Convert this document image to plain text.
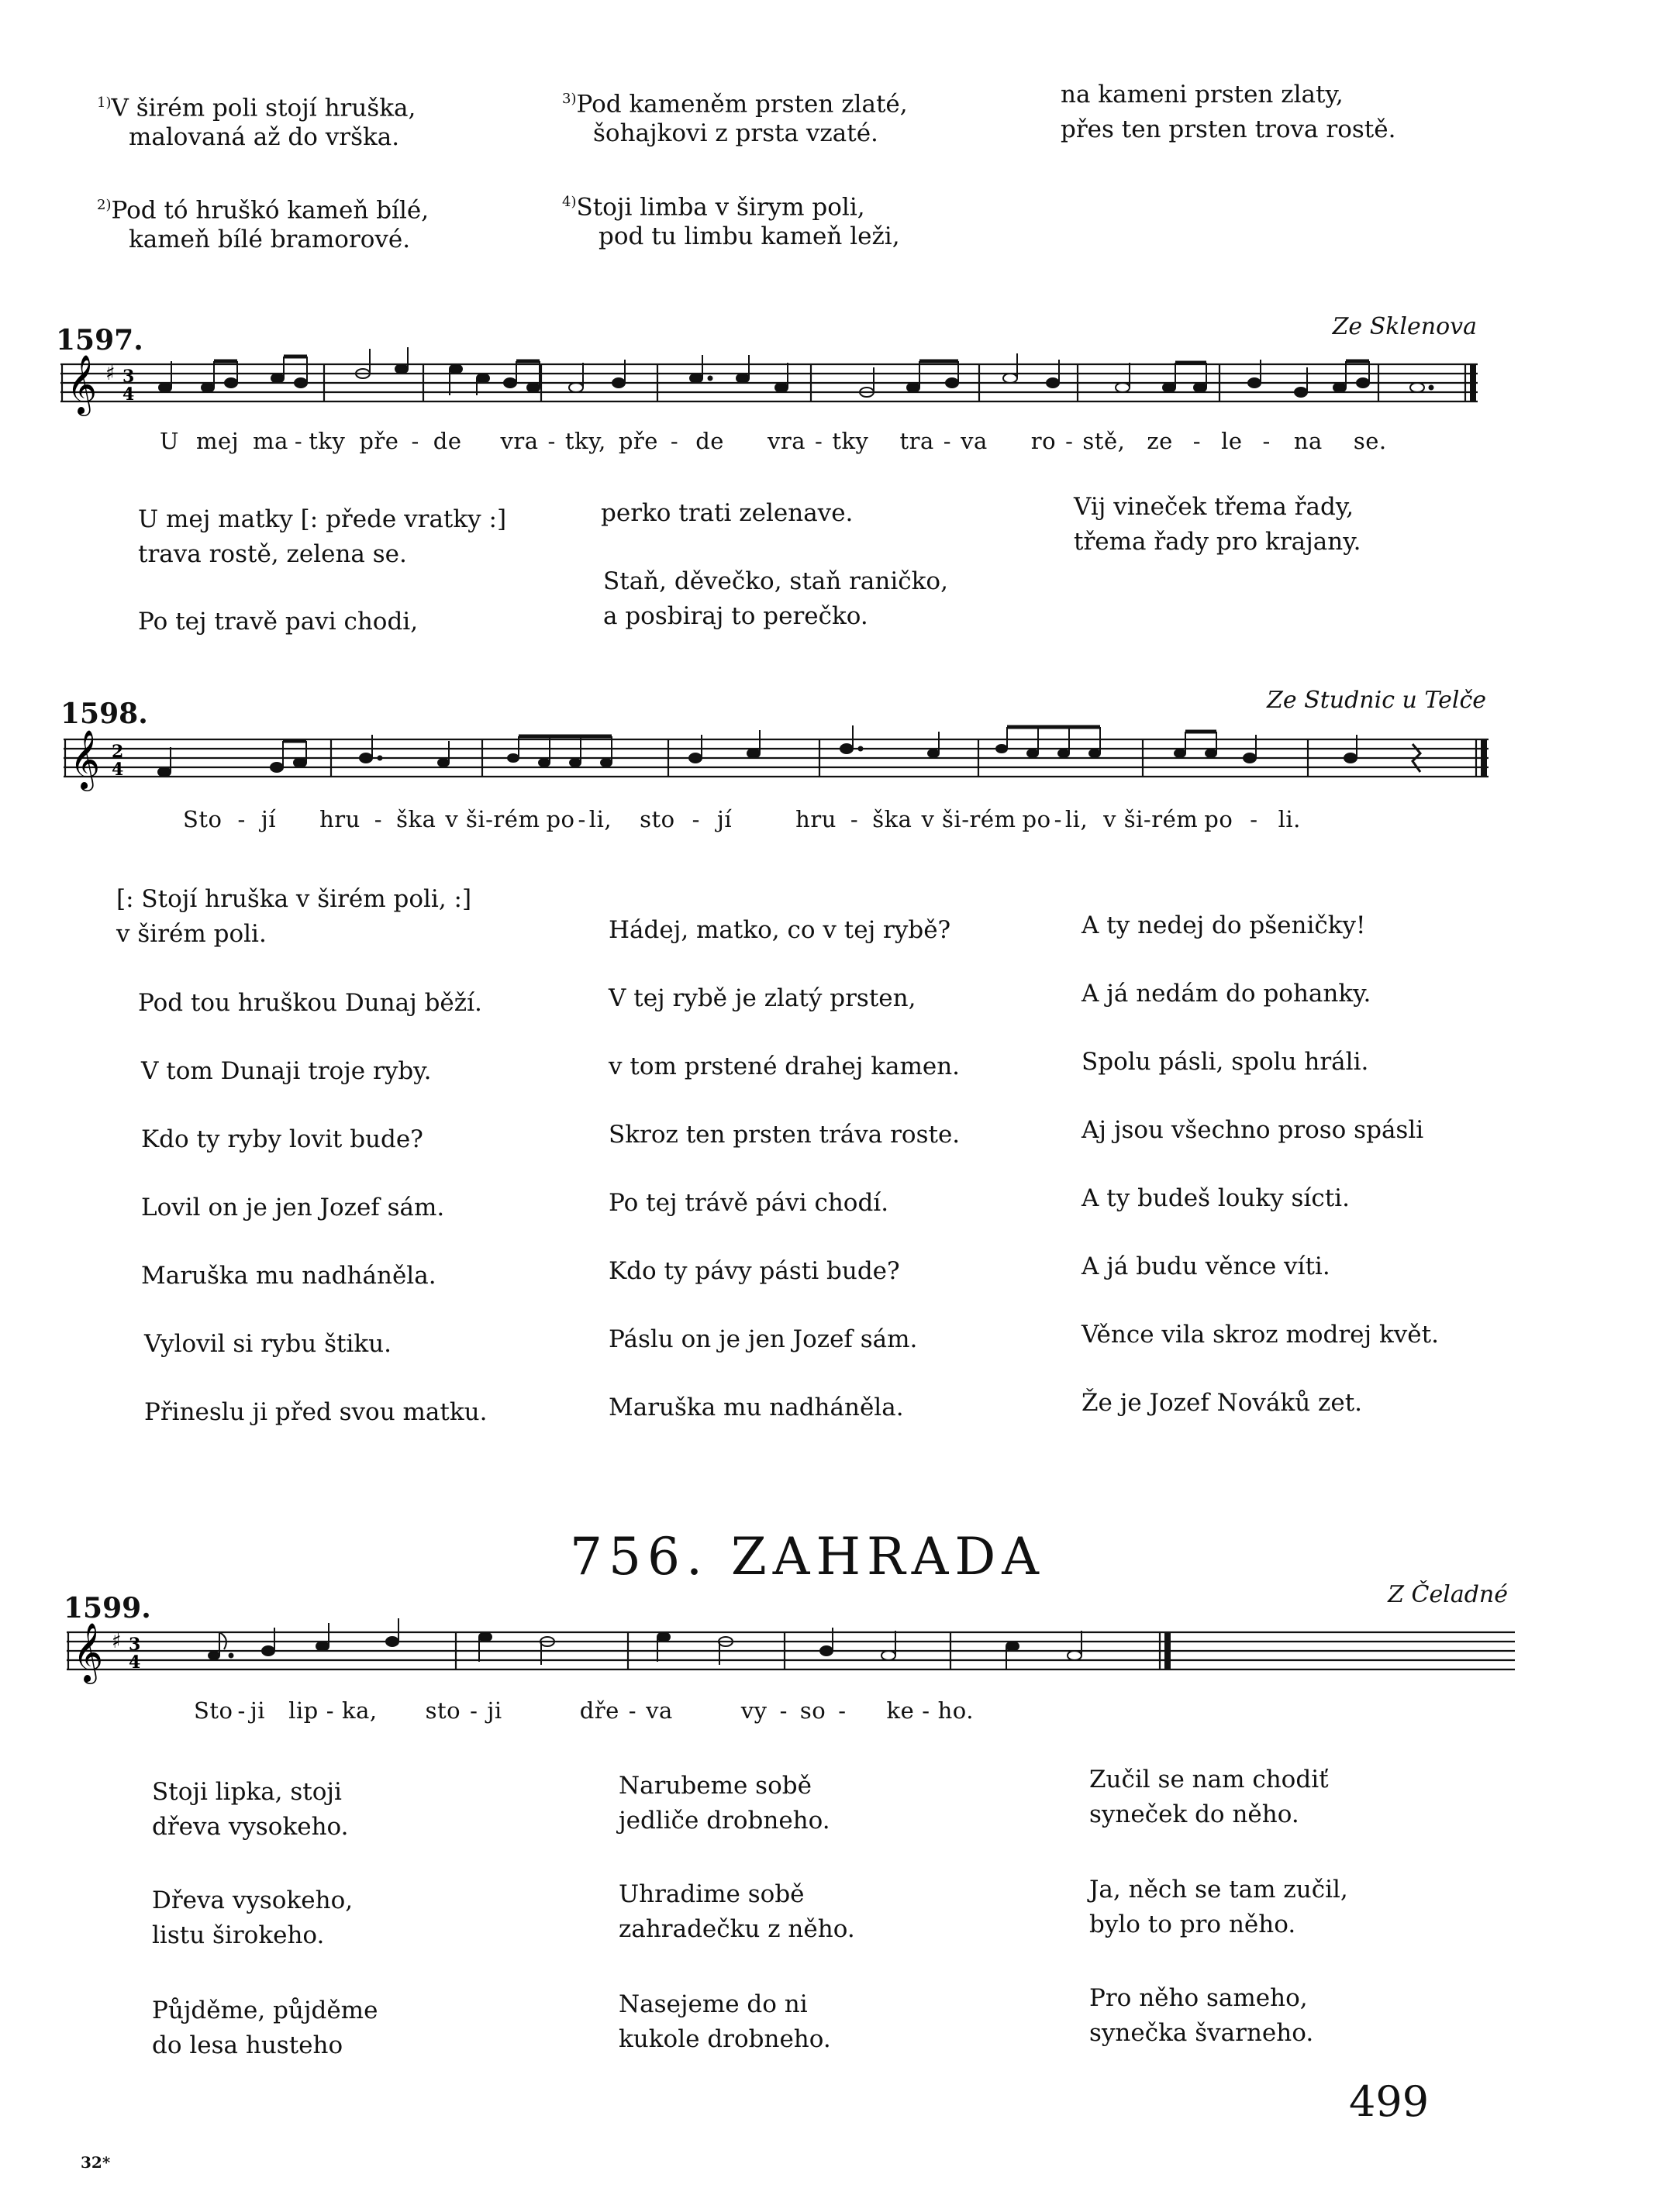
$^{1)}$V širém poli stojí hruška,
malovaná až do vrška.
$^{2)}$Pod tó hruškó kameň bílé,
kameň bílé bramorové.
$^{3)}$Pod kameněm prsten zlaté,
šohajkovi z prsta vzaté.
$^{4)}$Stoji limba v širym poli,
pod tu limbu kameň leži,
na kameni prsten zlaty,
přes ten prsten trova rostě.
1597.	Ze Sklenova
𝄞 ♯ 3
4
U mej ma - tky pře - de vra - tky, pře - de vra - tky tra - va ro - stě, ze - le - na se.
U mej matky [: přede vratky :]
trava rostě, zelena se.
Po tej travě pavi chodi,
perko trati zelenave.
Staň, děvečko, staň raničko,
a posbiraj to perečko.
Vij vineček třema řady,
třema řady pro krajany.
1598.	Ze Studnic u Telče
𝄞 2
4
Sto - jí hru - ška v ši-rém po - li, sto - jí	hru - ška v ši-rém po - li, v ši-rém po - li.
[: Stojí hruška v širém poli, :]
v širém poli.
Pod tou hruškou Dunaj běží.
V tom Dunaji troje ryby.
Kdo ty ryby lovit bude?
Lovil on je jen Jozef sám.
Maruška mu nadháněla.
Vylovil si rybu štiku.
Přineslu ji před svou matku.
Hádej, matko, co v tej rybě?
V tej rybě je zlatý prsten,
v tom prstené drahej kamen.
Skroz ten prsten tráva roste.
Po tej trávě pávi chodí.
Kdo ty pávy pásti bude?
Páslu on je jen Jozef sám.
Maruška mu nadháněla.
A ty nedej do pšeničky!
A já nedám do pohanky.
Spolu pásli, spolu hráli.
Aj jsou všechno proso spásli
A ty budeš louky sícti.
A já budu věnce víti.
Věnce vila skroz modrej květ.
Že je Jozef Nováků zet.
756. ZAHRADA
1599.	Z Čeladné
𝄞 ♯ 3
4
Sto - ji lip - ka, sto - ji	dře - va	vy - so - ke - ho.
Stoji lipka, stoji
dřeva vysokeho.
Dřeva vysokeho,
listu širokeho.
Půjděme, půjděme
do lesa husteho
Narubeme sobě
jedliče drobneho.
Uhradime sobě
zahradečku z něho.
Nasejeme do ni
kukole drobneho.
Zučil se nam chodiť
syneček do něho.
Ja, něch se tam zučil,
bylo to pro něho.
Pro něho sameho,
synečka švarneho.
499
32*
